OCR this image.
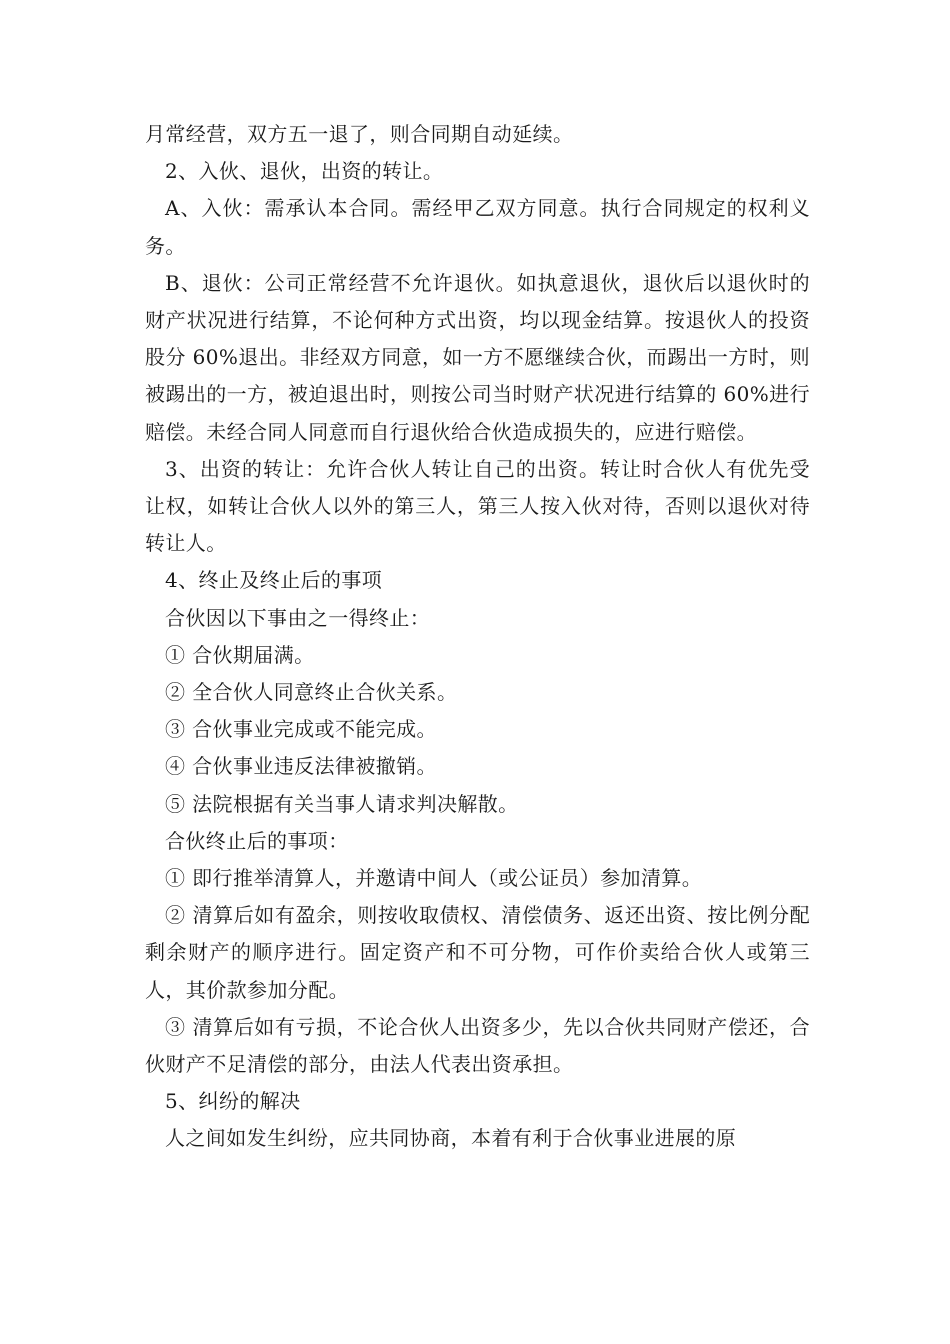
月常经营，双方五一退了，则合同期自动延续。

2、入伙、退伙，出资的转让。

A、入伙：需承认本合同。需经甲乙双方同意。执行合同规定的权利义务。

B、退伙：公司正常经营不允许退伙。如执意退伙，退伙后以退伙时的财产状况进行结算，不论何种方式出资，均以现金结算。按退伙人的投资股分 60%退出。非经双方同意，如一方不愿继续合伙，而踢出一方时，则被踢出的一方，被迫退出时，则按公司当时财产状况进行结算的 60%进行赔偿。未经合同人同意而自行退伙给合伙造成损失的，应进行赔偿。

3、出资的转让：允许合伙人转让自己的出资。转让时合伙人有优先受让权，如转让合伙人以外的第三人，第三人按入伙对待，否则以退伙对待转让人。

4、终止及终止后的事项

合伙因以下事由之一得终止：

① 合伙期届满。

② 全合伙人同意终止合伙关系。

③ 合伙事业完成或不能完成。

④ 合伙事业违反法律被撤销。

⑤ 法院根据有关当事人请求判决解散。

合伙终止后的事项：

① 即行推举清算人，并邀请中间人（或公证员）参加清算。

② 清算后如有盈余，则按收取债权、清偿债务、返还出资、按比例分配剩余财产的顺序进行。固定资产和不可分物，可作价卖给合伙人或第三人，其价款参加分配。

③ 清算后如有亏损，不论合伙人出资多少，先以合伙共同财产偿还，合伙财产不足清偿的部分，由法人代表出资承担。

5、纠纷的解决

人之间如发生纠纷，应共同协商，本着有利于合伙事业进展的原
